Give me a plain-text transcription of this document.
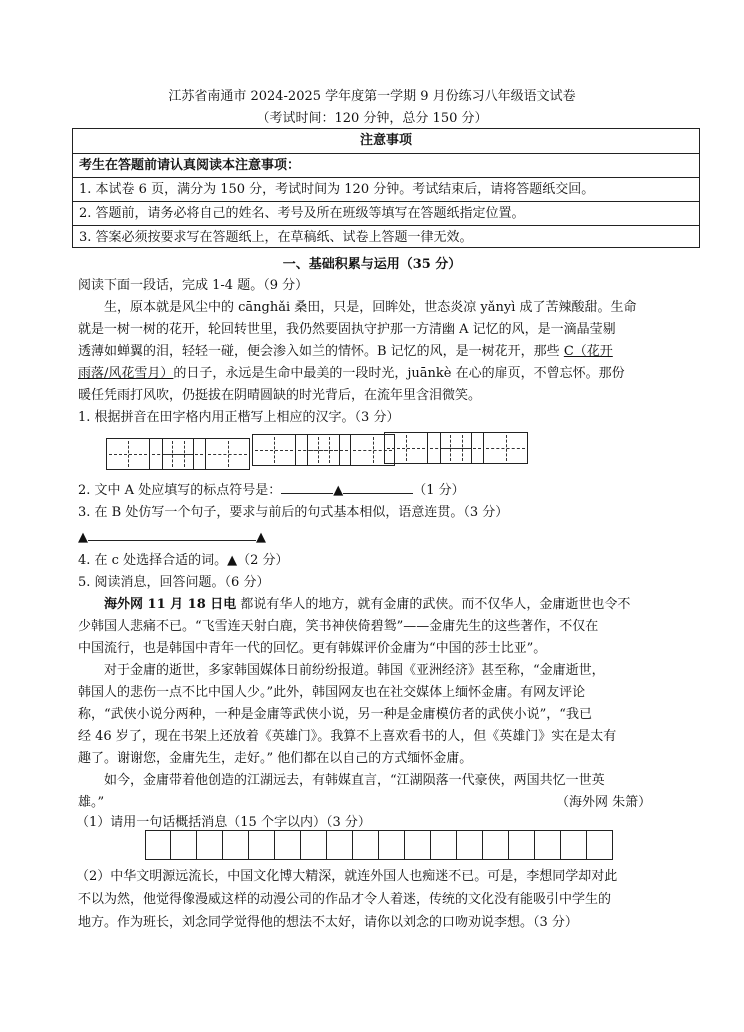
江苏省南通市 2024-2025 学年度第一学期 9 月份练习八年级语文试卷
（考试时间：120 分钟，总分 150 分）
注意事项
考生在答题前请认真阅读本注意事项：
1. 本试卷 6 页，满分为 150 分，考试时间为 120 分钟。考试结束后，请将答题纸交回。
2. 答题前，请务必将自己的姓名、考号及所在班级等填写在答题纸指定位置。
3. 答案必须按要求写在答题纸上，在草稿纸、试卷上答题一律无效。
一、基础积累与运用（35 分）
阅读下面一段话，完成 1-4 题。（9 分）
生，原本就是风尘中的 cānghǎi 桑田，只是，回眸处，世态炎凉 yǎnyì 成了苦辣酸甜。生命
就是一树一树的花开，轮回转世里，我仍然要固执守护那一方清幽 A 记忆的风，是一滴晶莹剔
透薄如蝉翼的泪，轻轻一碰，便会渗入如兰的情怀。B 记忆的风，是一树花开，那些 C（花开
雨落/风花雪月）的日子，永远是生命中最美的一段时光，juānkè 在心的扉页，不曾忘怀。那份
暖任凭雨打风吹，仍挺拔在阴晴圆缺的时光背后，在流年里含泪微笑。
1. 根据拼音在田字格内用正楷写上相应的汉字。（3 分）
2. 文中 A 处应填写的标点符号是：	▲	（1 分）
3. 在 B 处仿写一个句子，要求与前后的句式基本相似，语意连贯。（3 分）
▲	▲
4. 在 c 处选择合适的词。▲（2 分）
5. 阅读消息，回答问题。（6 分）
海外网 11 月 18 日电 都说有华人的地方，就有金庸的武侠。而不仅华人，金庸逝世也令不
少韩国人悲痛不已。“飞雪连天射白鹿，笑书神侠倚碧鸳”——金庸先生的这些著作，不仅在
中国流行，也是韩国中青年一代的回忆。更有韩媒评价金庸为“中国的莎士比亚”。
对于金庸的逝世，多家韩国媒体日前纷纷报道。韩国《亚洲经济》甚至称，“金庸逝世，
韩国人的悲伤一点不比中国人少。”此外，韩国网友也在社交媒体上缅怀金庸。有网友评论
称，“武侠小说分两种，一种是金庸等武侠小说，另一种是金庸模仿者的武侠小说”，“我已
经 46 岁了，现在书架上还放着《英雄门》。我算不上喜欢看书的人，但《英雄门》实在是太有
趣了。谢谢您，金庸先生，走好。” 他们都在以自己的方式缅怀金庸。
如今，金庸带着他创造的江湖远去，有韩媒直言，“江湖陨落一代豪侠，两国共忆一世英
雄。”	（海外网 朱箫）
（1）请用一句话概括消息（15 个字以内）（3 分）
（2）中华文明源远流长，中国文化博大精深，就连外国人也痴迷不已。可是，李想同学却对此
不以为然，他觉得像漫威这样的动漫公司的作品才令人着迷，传统的文化没有能吸引中学生的
地方。作为班长，刘念同学觉得他的想法不太好，请你以刘念的口吻劝说李想。（3 分）
